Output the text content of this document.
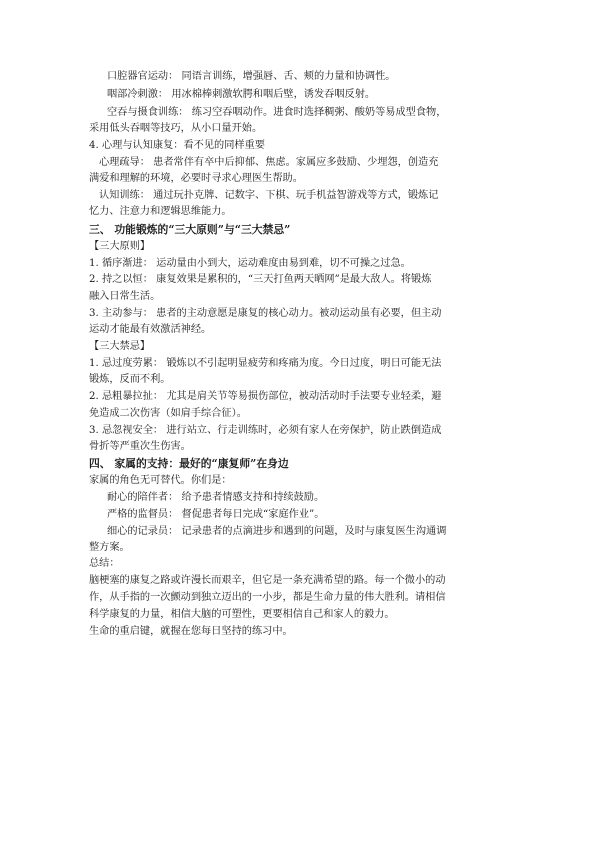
口腔器官运动： 同语言训练，增强唇、舌、颊的力量和协调性。
咽部冷刺激： 用冰棉棒刺激软腭和咽后壁，诱发吞咽反射。
空吞与摄食训练： 练习空吞咽动作。进食时选择稠粥、酸奶等易成型食物，
采用低头吞咽等技巧，从小口量开始。
4. 心理与认知康复：看不见的同样重要
心理疏导： 患者常伴有卒中后抑郁、焦虑。家属应多鼓励、少埋怨，创造充
满爱和理解的环境，必要时寻求心理医生帮助。
认知训练： 通过玩扑克牌、记数字、下棋、玩手机益智游戏等方式，锻炼记
忆力、注意力和逻辑思维能力。
三、 功能锻炼的“三大原则”与“三大禁忌”
【三大原则】
1. 循序渐进： 运动量由小到大，运动难度由易到难，切不可操之过急。
2. 持之以恒： 康复效果是累积的，“三天打鱼两天晒网”是最大敌人。将锻炼
融入日常生活。
3. 主动参与： 患者的主动意愿是康复的核心动力。被动运动虽有必要，但主动
运动才能最有效激活神经。
【三大禁忌】
1. 忌过度劳累： 锻炼以不引起明显疲劳和疼痛为度。今日过度，明日可能无法
锻炼，反而不利。
2. 忌粗暴拉扯： 尤其是肩关节等易损伤部位，被动活动时手法要专业轻柔，避
免造成二次伤害（如肩手综合征）。
3. 忌忽视安全： 进行站立、行走训练时，必须有家人在旁保护，防止跌倒造成
骨折等严重次生伤害。
四、 家属的支持：最好的“康复师”在身边
家属的角色无可替代。你们是：
耐心的陪伴者： 给予患者情感支持和持续鼓励。
严格的监督员： 督促患者每日完成“家庭作业”。
细心的记录员： 记录患者的点滴进步和遇到的问题，及时与康复医生沟通调
整方案。
总结：
脑梗塞的康复之路或许漫长而艰辛，但它是一条充满希望的路。每一个微小的动
作，从手指的一次颤动到独立迈出的一小步，都是生命力量的伟大胜利。请相信
科学康复的力量，相信大脑的可塑性，更要相信自己和家人的毅力。
生命的重启键，就握在您每日坚持的练习中。
